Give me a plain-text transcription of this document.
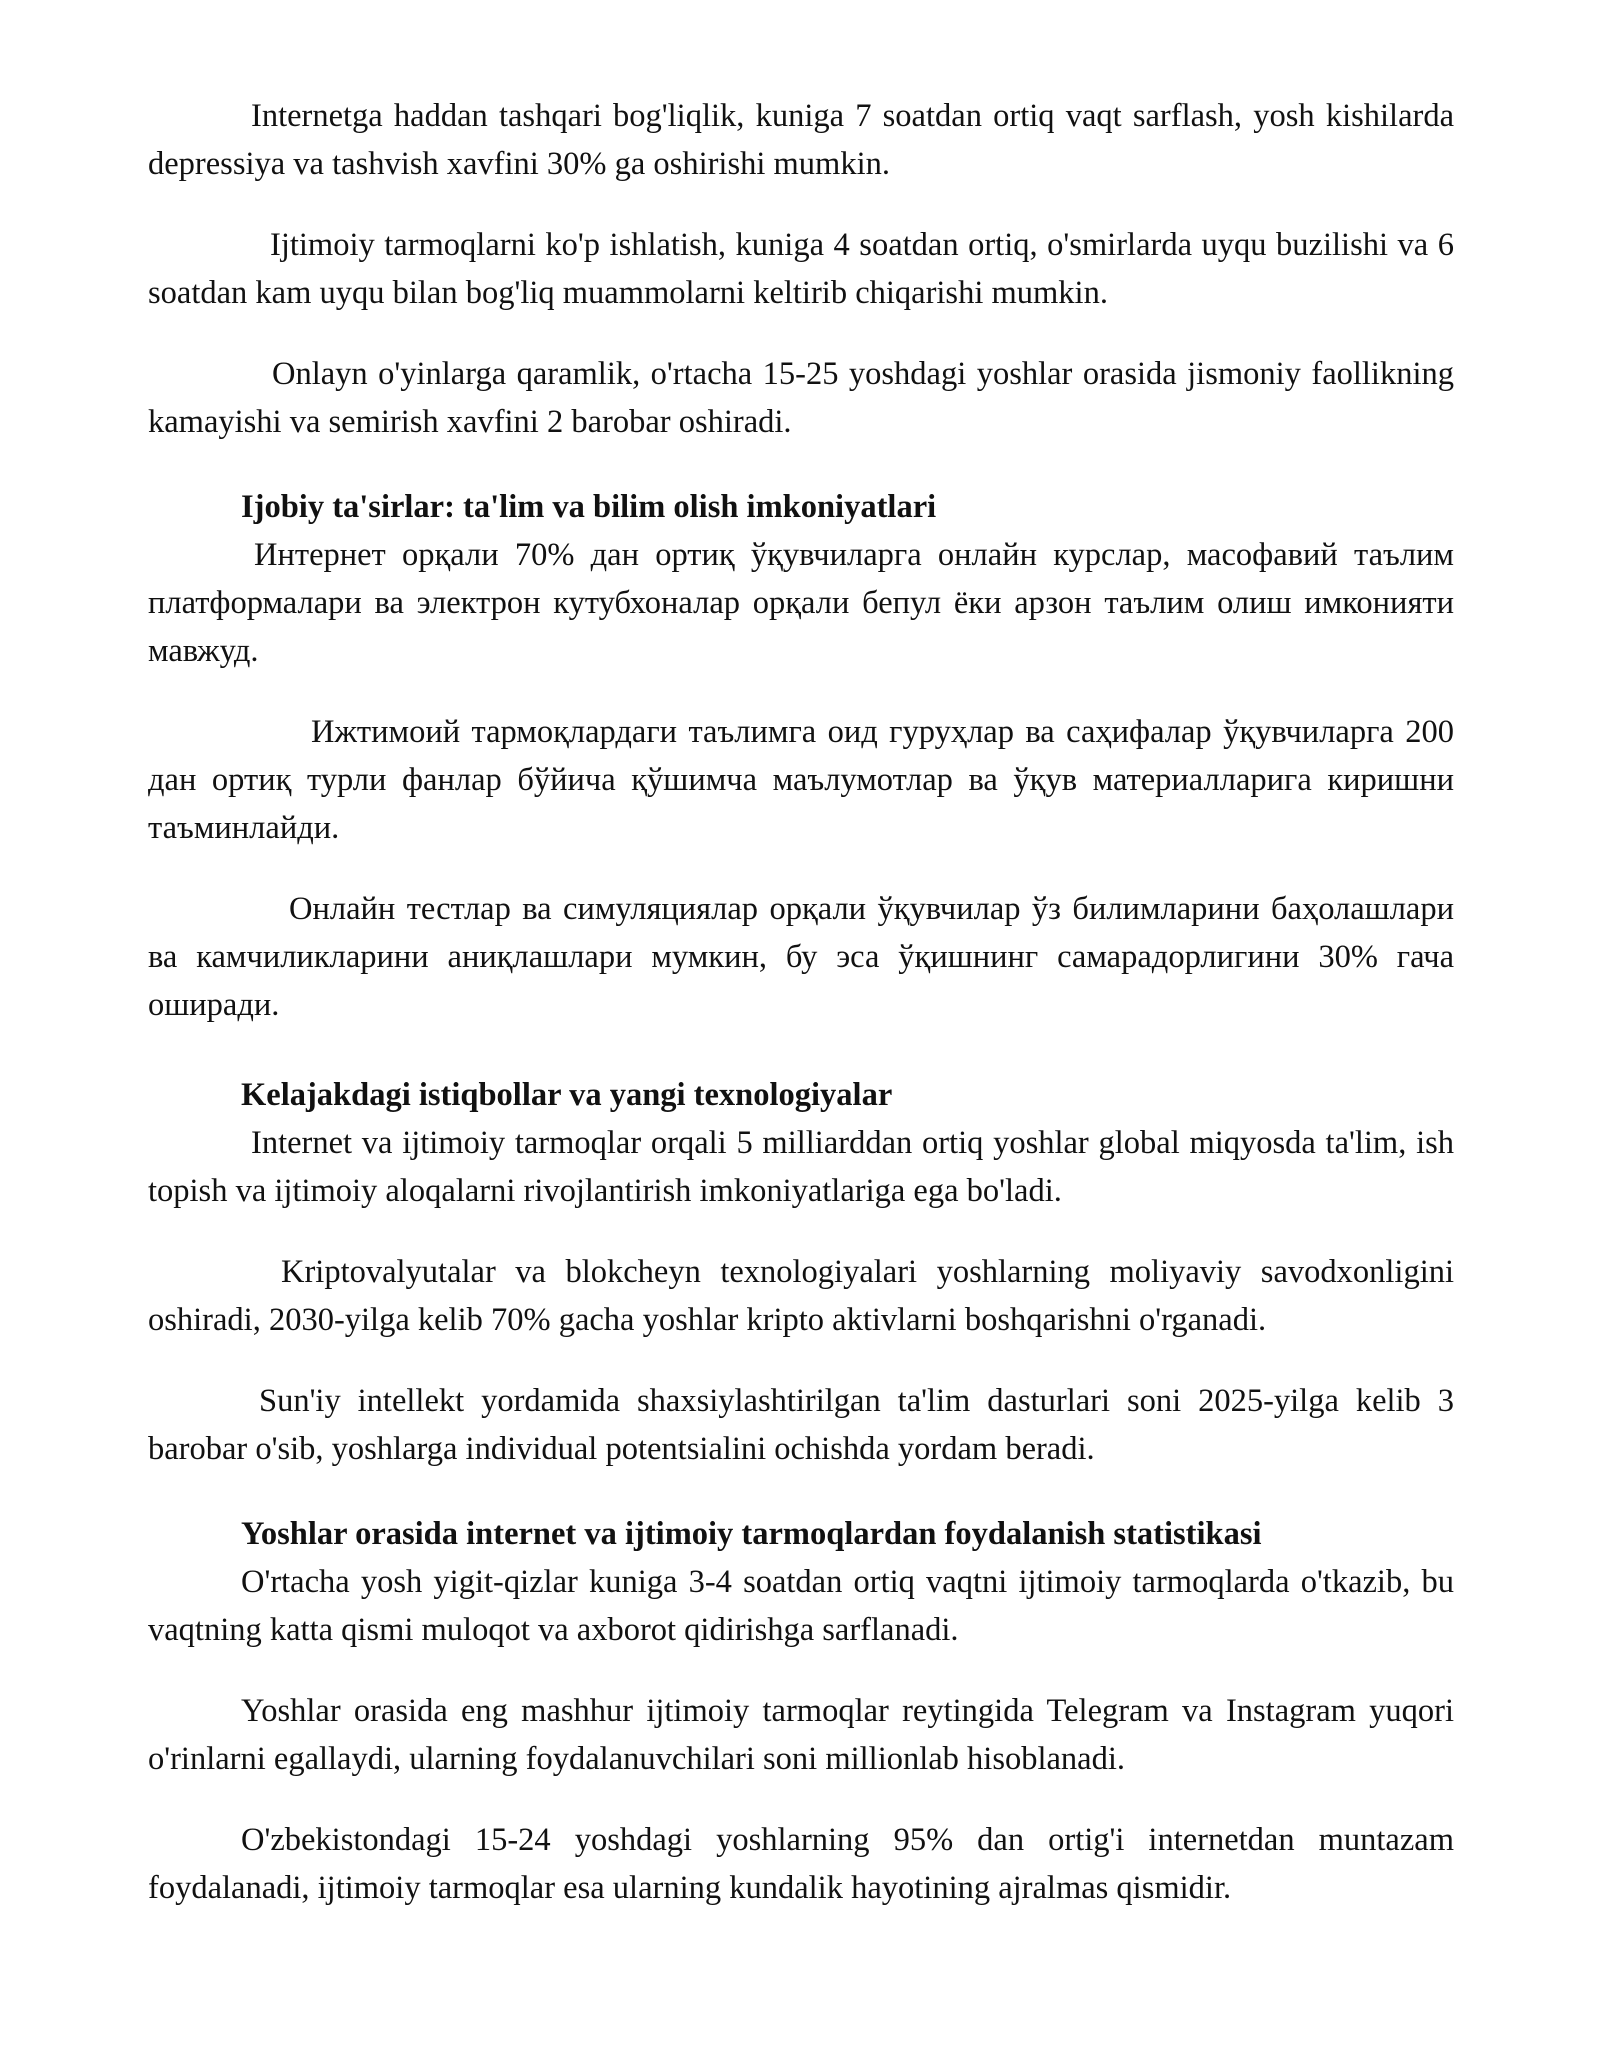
Internetga haddan tashqari bog'liqlik, kuniga 7 soatdan ortiq vaqt sarflash, yosh kishilarda depressiya va tashvish xavfini 30% ga oshirishi mumkin.

Ijtimoiy tarmoqlarni ko'p ishlatish, kuniga 4 soatdan ortiq, o'smirlarda uyqu buzilishi va 6 soatdan kam uyqu bilan bog'liq muammolarni keltirib chiqarishi mumkin.

Onlayn o'yinlarga qaramlik, o'rtacha 15-25 yoshdagi yoshlar orasida jismoniy faollikning kamayishi va semirish xavfini 2 barobar oshiradi.

Ijobiy ta'sirlar: ta'lim va bilim olish imkoniyatlari

Интернет орқали 70% дан ортиқ ўқувчиларга онлайн курслар, масофавий таълим платформалари ва электрон кутубхоналар орқали бепул ёки арзон таълим олиш имконияти мавжуд.

Ижтимоий тармоқлардаги таълимга оид гуруҳлар ва саҳифалар ўқувчиларга 200 дан ортиқ турли фанлар бўйича қўшимча маълумотлар ва ўқув материалларига киришни таъминлайди.

Онлайн тестлар ва симуляциялар орқали ўқувчилар ўз билимларини баҳолашлари ва камчиликларини аниқлашлари мумкин, бу эса ўқишнинг самарадорлигини 30% гача оширади.

Kelajakdagi istiqbollar va yangi texnologiyalar

Internet va ijtimoiy tarmoqlar orqali 5 milliarddan ortiq yoshlar global miqyosda ta'lim, ish topish va ijtimoiy aloqalarni rivojlantirish imkoniyatlariga ega bo'ladi.

Kriptovalyutalar va blokcheyn texnologiyalari yoshlarning moliyaviy savodxonligini oshiradi, 2030-yilga kelib 70% gacha yoshlar kripto aktivlarni boshqarishni o'rganadi.

Sun'iy intellekt yordamida shaxsiylashtirilgan ta'lim dasturlari soni 2025-yilga kelib 3 barobar o'sib, yoshlarga individual potentsialini ochishda yordam beradi.

Yoshlar orasida internet va ijtimoiy tarmoqlardan foydalanish statistikasi

O'rtacha yosh yigit-qizlar kuniga 3-4 soatdan ortiq vaqtni ijtimoiy tarmoqlarda o'tkazib, bu vaqtning katta qismi muloqot va axborot qidirishga sarflanadi.

Yoshlar orasida eng mashhur ijtimoiy tarmoqlar reytingida Telegram va Instagram yuqori o'rinlarni egallaydi, ularning foydalanuvchilari soni millionlab hisoblanadi.

O'zbekistondagi 15-24 yoshdagi yoshlarning 95% dan ortig'i internetdan muntazam foydalanadi, ijtimoiy tarmoqlar esa ularning kundalik hayotining ajralmas qismidir.
